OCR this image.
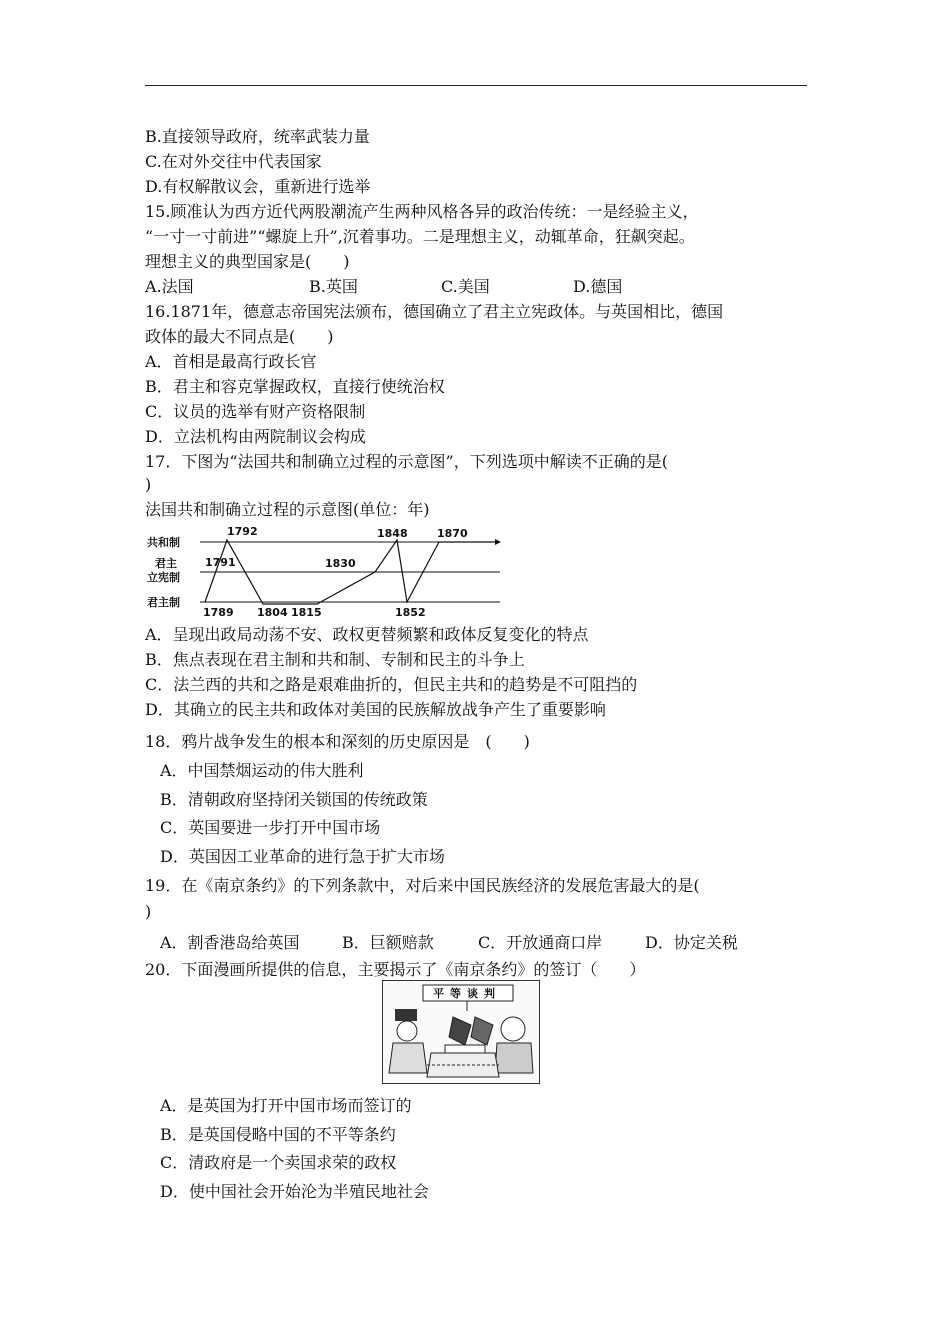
B.直接领导政府，统率武装力量
C.在对外交往中代表国家
D.有权解散议会，重新进行选举
15.顾准认为西方近代两股潮流产生两种风格各异的政治传统：一是经验主义，
“一寸一寸前进”“螺旋上升”,沉着事功。二是理想主义，动辄革命，狂飙突起。
理想主义的典型国家是(　　)
A.法国	B.英国	C.美国	D.德国
16.1871年，德意志帝国宪法颁布，德国确立了君主立宪政体。与英国相比，德国
政体的最大不同点是(　　)
A．首相是最高行政长官
B．君主和容克掌握政权，直接行使统治权
C．议员的选举有财产资格限制
D．立法机构由两院制议会构成
17．下图为“法国共和制确立过程的示意图”，下列选项中解读不正确的是(
)
法国共和制确立过程的示意图(单位：年)
共和制
君主
立宪制
君主制
1789
1791
1792
1804 1815
1830
1848
1852
1870
A．呈现出政局动荡不安、政权更替频繁和政体反复变化的特点
B．焦点表现在君主制和共和制、专制和民主的斗争上
C．法兰西的共和之路是艰难曲折的，但民主共和的趋势是不可阻挡的
D．其确立的民主共和政体对美国的民族解放战争产生了重要影响
18．鸦片战争发生的根本和深刻的历史原因是　(　　)
A．中国禁烟运动的伟大胜利
B．清朝政府坚持闭关锁国的传统政策
C．英国要进一步打开中国市场
D．英国因工业革命的进行急于扩大市场
19．在《南京条约》的下列条款中，对后来中国民族经济的发展危害最大的是(
)
A．割香港岛给英国	B．巨额赔款	C．开放通商口岸	D．协定关税
20．下面漫画所提供的信息，主要揭示了《南京条约》的签订（　　）
平等谈判
A．是英国为打开中国市场而签订的
B．是英国侵略中国的不平等条约
C．清政府是一个卖国求荣的政权
D．使中国社会开始沦为半殖民地社会
